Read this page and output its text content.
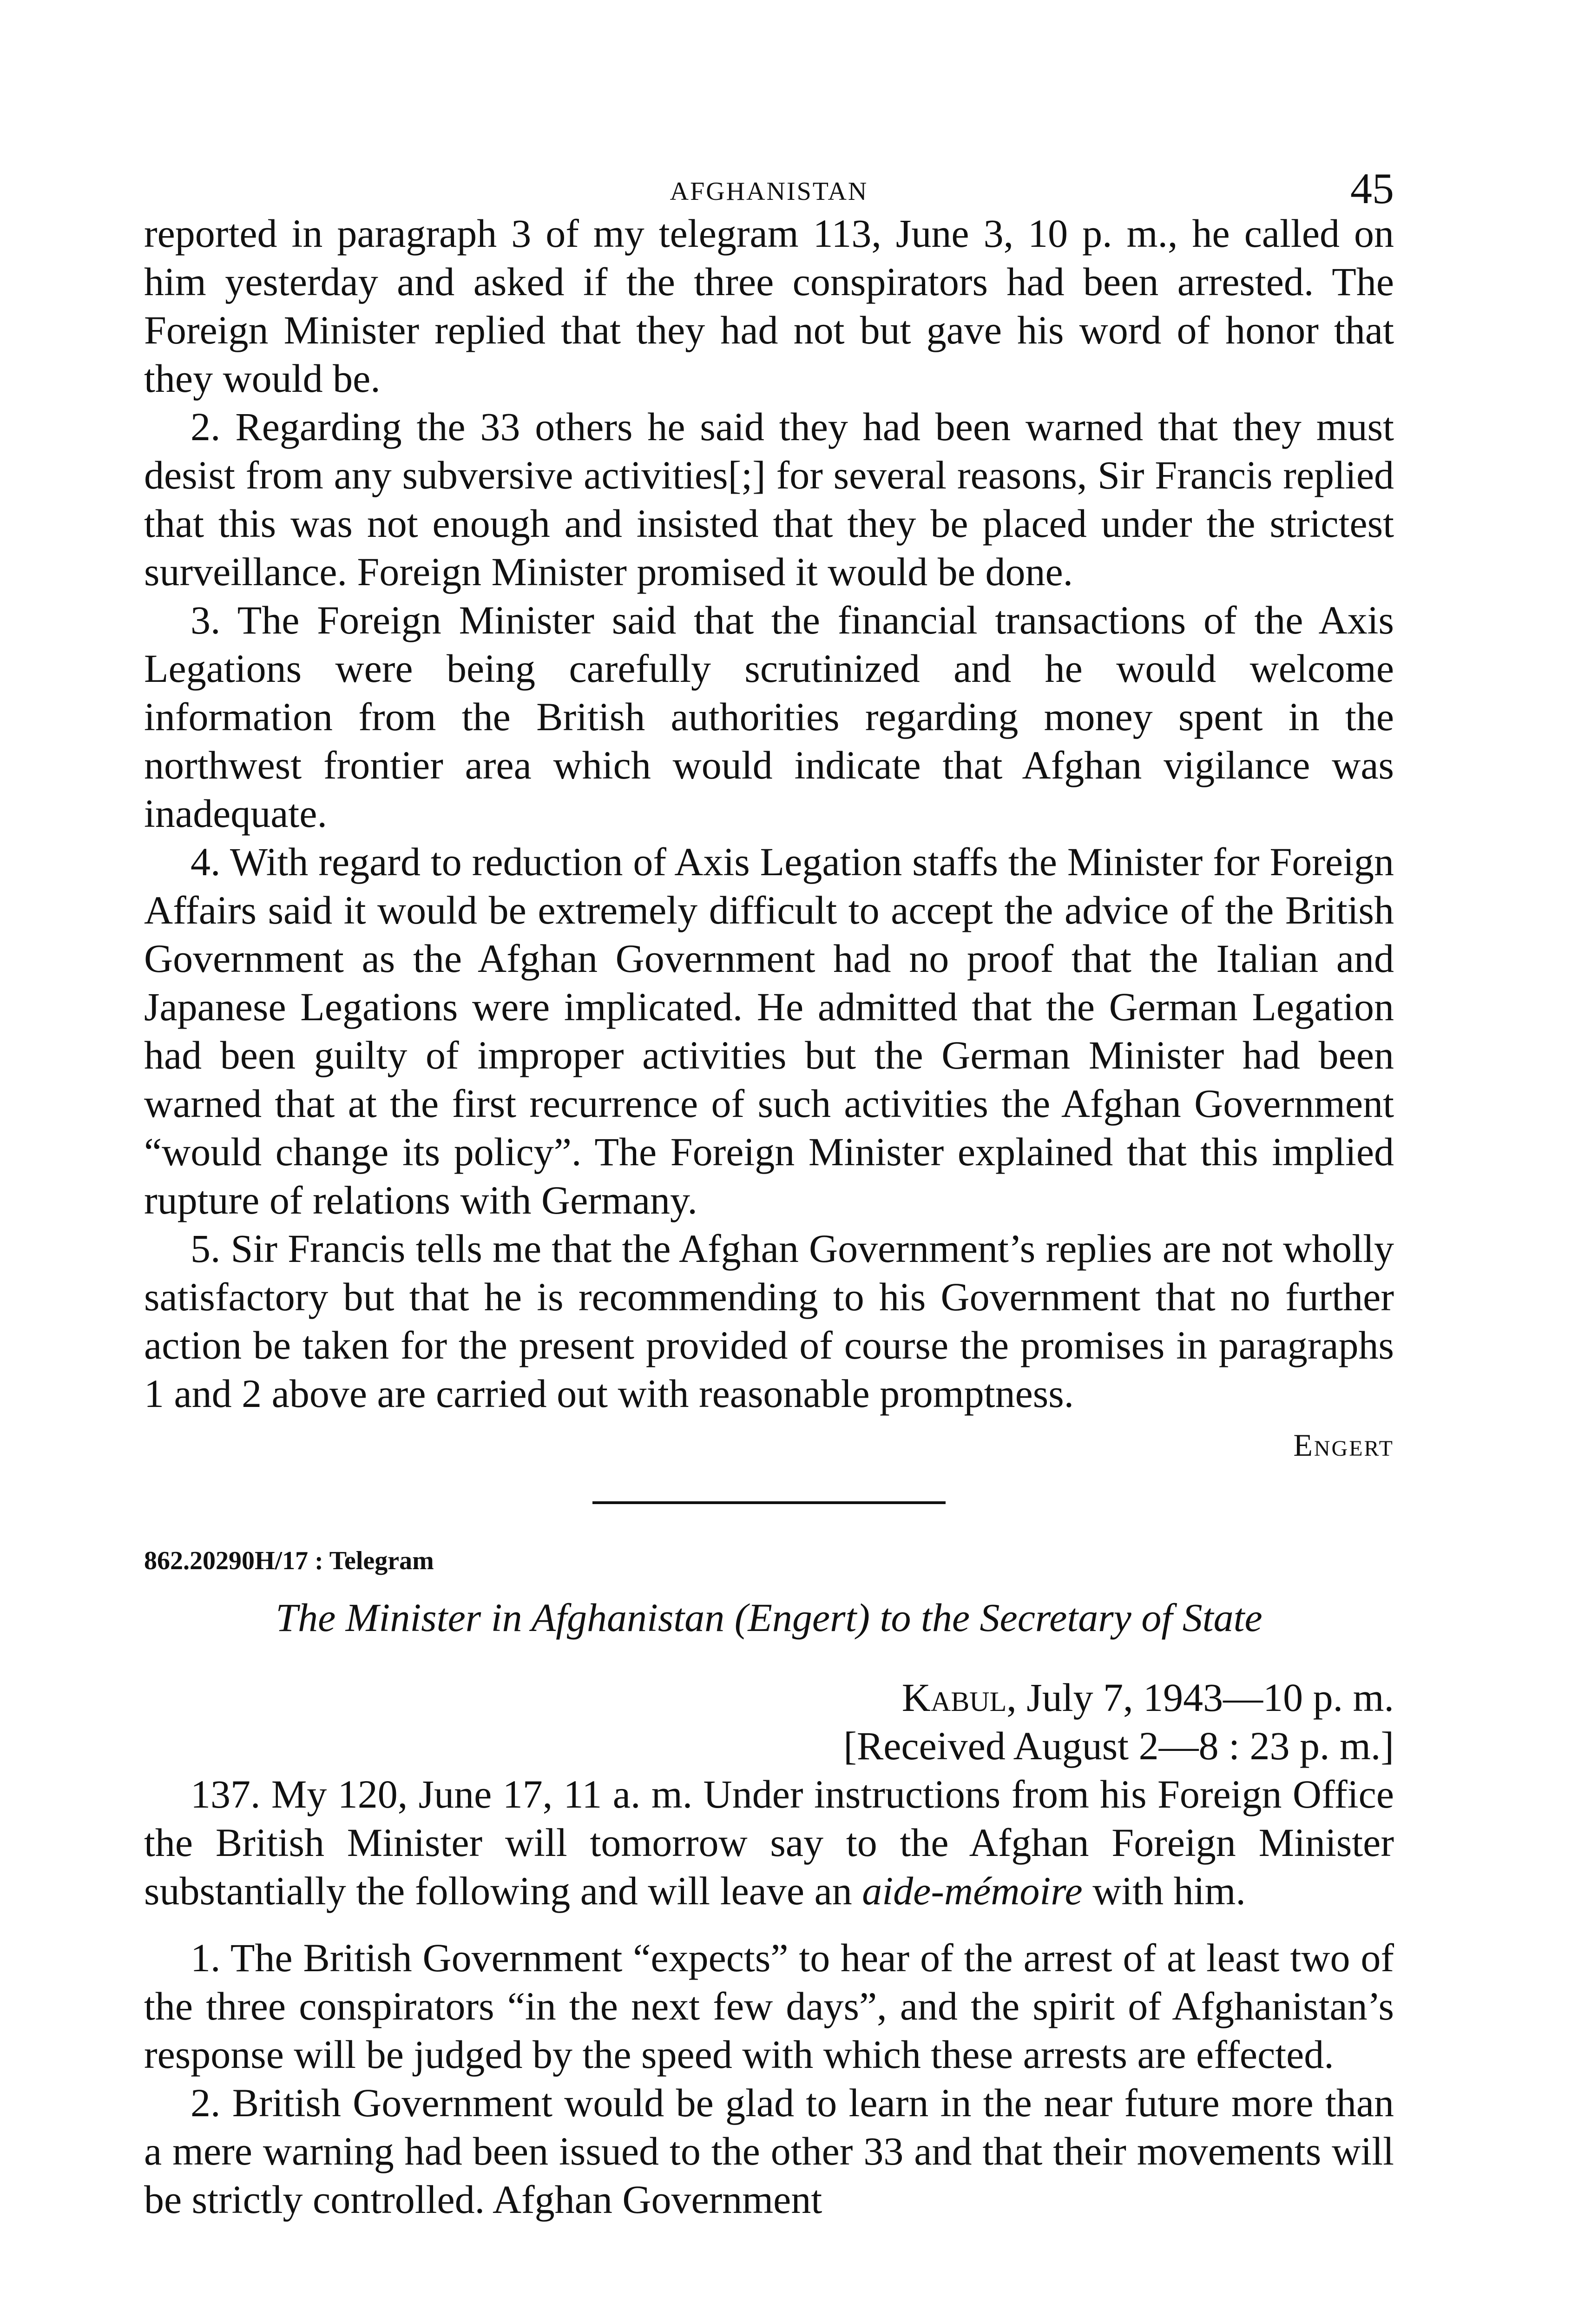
AFGHANISTAN	45

reported in paragraph 3 of my telegram 113, June 3, 10 p. m., he called on him yesterday and asked if the three conspirators had been arrested. The Foreign Minister replied that they had not but gave his word of honor that they would be.

2. Regarding the 33 others he said they had been warned that they must desist from any subversive activities[;] for several reasons, Sir Francis replied that this was not enough and insisted that they be placed under the strictest surveillance. Foreign Minister promised it would be done.

3. The Foreign Minister said that the financial transactions of the Axis Legations were being carefully scrutinized and he would welcome information from the British authorities regarding money spent in the northwest frontier area which would indicate that Afghan vigilance was inadequate.

4. With regard to reduction of Axis Legation staffs the Minister for Foreign Affairs said it would be extremely difficult to accept the advice of the British Government as the Afghan Government had no proof that the Italian and Japanese Legations were implicated. He admitted that the German Legation had been guilty of improper activities but the German Minister had been warned that at the first recurrence of such activities the Afghan Government “would change its policy”. The Foreign Minister explained that this implied rupture of relations with Germany.

5. Sir Francis tells me that the Afghan Government’s replies are not wholly satisfactory but that he is recommending to his Government that no further action be taken for the present provided of course the promises in paragraphs 1 and 2 above are carried out with reasonable promptness.

Engert
862.20290H/17 : Telegram
The Minister in Afghanistan (Engert) to the Secretary of State
Kabul, July 7, 1943—10 p. m.
[Received August 2—8 : 23 p. m.]

137. My 120, June 17, 11 a. m. Under instructions from his Foreign Office the British Minister will tomorrow say to the Afghan Foreign Minister substantially the following and will leave an aide-mémoire with him.

1. The British Government “expects” to hear of the arrest of at least two of the three conspirators “in the next few days”, and the spirit of Afghanistan’s response will be judged by the speed with which these arrests are effected.

2. British Government would be glad to learn in the near future more than a mere warning had been issued to the other 33 and that their movements will be strictly controlled. Afghan Government
